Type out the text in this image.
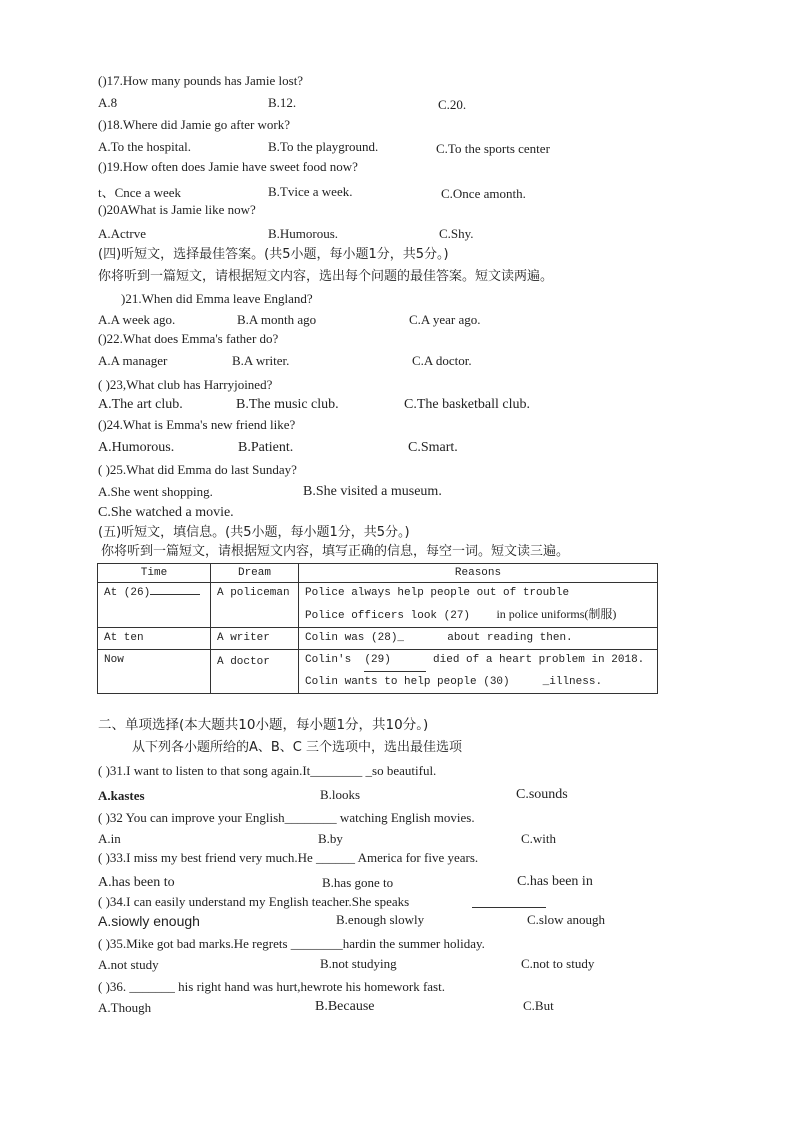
()17.How many pounds has Jamie lost?
A.8	B.12.	C.20.
()18.Where did Jamie go after work?
A.To the hospital.	B.To the playground.	C.To the sports center
()19.How often does Jamie have sweet food now?
t、Cnce a week	B.Tvice a week.	C.Once amonth.
()20AWhat is Jamie like now?
A.Actrve	B.Humorous.	C.Shy.
(四)听短文，选择最佳答案。(共5小题，每小题1分，共5分。)
你将听到一篇短文，请根据短文内容，选出每个问题的最佳答案。短文读两遍。
)21.When did Emma leave England?
A.A week ago.	B.A month ago	C.A year ago.
()22.What does Emma's father do?
A.A manager	B.A writer.	C.A doctor.
( )23,What club has Harryjoined?
A.The art club.	B.The music club.	C.The basketball club.
()24.What is Emma's new friend like?
A.Humorous.	B.Patient.	C.Smart.
( )25.What did Emma do last Sunday?
A.She went shopping.	B.She visited a museum.
C.She watched a movie.
(五)听短文，填信息。(共5小题，每小题1分，共5分。)
你将听到一篇短文，请根据短文内容，填写正确的信息，每空一词。短文读三遍。
Time	Dream	Reasons
At (26)	A policeman	Police always help people out of trouble
Police officers look (27) in police uniforms(制服)

At ten	A writer	Colin was (28)_ about reading then.
Now	A doctor	Colin's (29) died of a heart problem in 2018.
Colin wants to help people (30) _illness.
二、单项选择(本大题共10小题，每小题1分，共10分。)
从下列各小题所给的A、B、C 三个选项中，选出最佳选项
( )31.I want to listen to that song again.It________ _so beautiful.
A.kastes	B.looks	C.sounds
( )32 You can improve your English________ watching English movies.
A.in	B.by	C.with
( )33.I miss my best friend very much.He ______ America for five years.
A.has been to	B.has gone to	C.has been in
( )34.I can easily understand my English teacher.She speaks
A.siowly enough	B.enough slowly	C.slow anough
( )35.Mike got bad marks.He regrets ________hardin the summer holiday.
A.not study	B.not studying	C.not to study
( )36. _______ his right hand was hurt,hewrote his homework fast.
A.Though	B.Because	C.But
